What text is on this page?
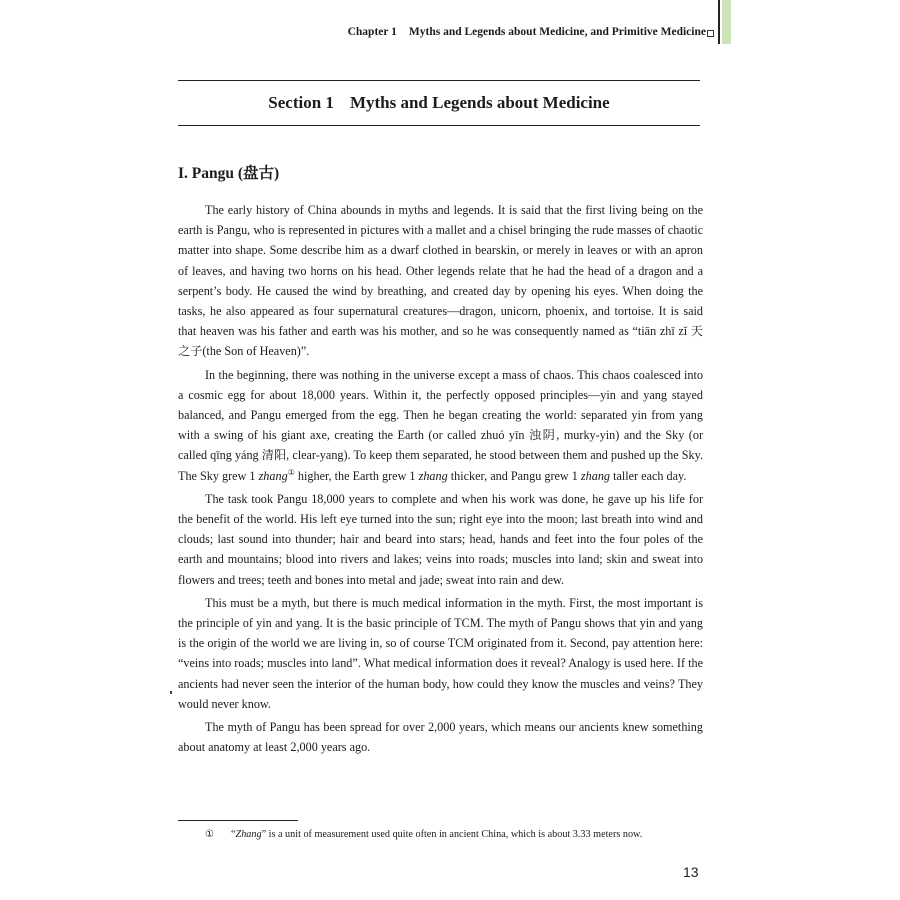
Chapter 1 Myths and Legends about Medicine, and Primitive Medicine
Section 1 Myths and Legends about Medicine
I. Pangu (盘古)

The early history of China abounds in myths and legends. It is said that the first living being on the earth is Pangu, who is represented in pictures with a mallet and a chisel bringing the rude masses of chaotic matter into shape. Some describe him as a dwarf clothed in bearskin, or merely in leaves or with an apron of leaves, and having two horns on his head. Other legends relate that he had the head of a dragon and a serpent’s body. He caused the wind by breathing, and created day by opening his eyes. When doing the tasks, he also appeared as four supernatural creatures—dragon, unicorn, phoenix, and tortoise. It is said that heaven was his father and earth was his mother, and so he was consequently named as “tiān zhī zǐ 天之子(the Son of Heaven)”.

In the beginning, there was nothing in the universe except a mass of chaos. This chaos coalesced into a cosmic egg for about 18,000 years. Within it, the perfectly opposed principles—yin and yang stayed balanced, and Pangu emerged from the egg. Then he began creating the world: separated yin from yang with a swing of his giant axe, creating the Earth (or called zhuó yīn 浊阴, murky-yin) and the Sky (or called qīng yáng 清阳, clear-yang). To keep them separated, he stood between them and pushed up the Sky. The Sky grew 1 zhang① higher, the Earth grew 1 zhang thicker, and Pangu grew 1 zhang taller each day.

The task took Pangu 18,000 years to complete and when his work was done, he gave up his life for the benefit of the world. His left eye turned into the sun; right eye into the moon; last breath into wind and clouds; last sound into thunder; hair and beard into stars; head, hands and feet into the four poles of the earth and mountains; blood into rivers and lakes; veins into roads; muscles into land; skin and sweat into flowers and trees; teeth and bones into metal and jade; sweat into rain and dew.

This must be a myth, but there is much medical information in the myth. First, the most important is the principle of yin and yang. It is the basic principle of TCM. The myth of Pangu shows that yin and yang is the origin of the world we are living in, so of course TCM originated from it. Second, pay attention here: “veins into roads; muscles into land”. What medical information does it reveal? Analogy is used here. If the ancients had never seen the interior of the human body, how could they know the muscles and veins? They would never know.

The myth of Pangu has been spread for over 2,000 years, which means our ancients knew something about anatomy at least 2,000 years ago.

① “Zhang” is a unit of measurement used quite often in ancient China, which is about 3.33 meters now.
13
